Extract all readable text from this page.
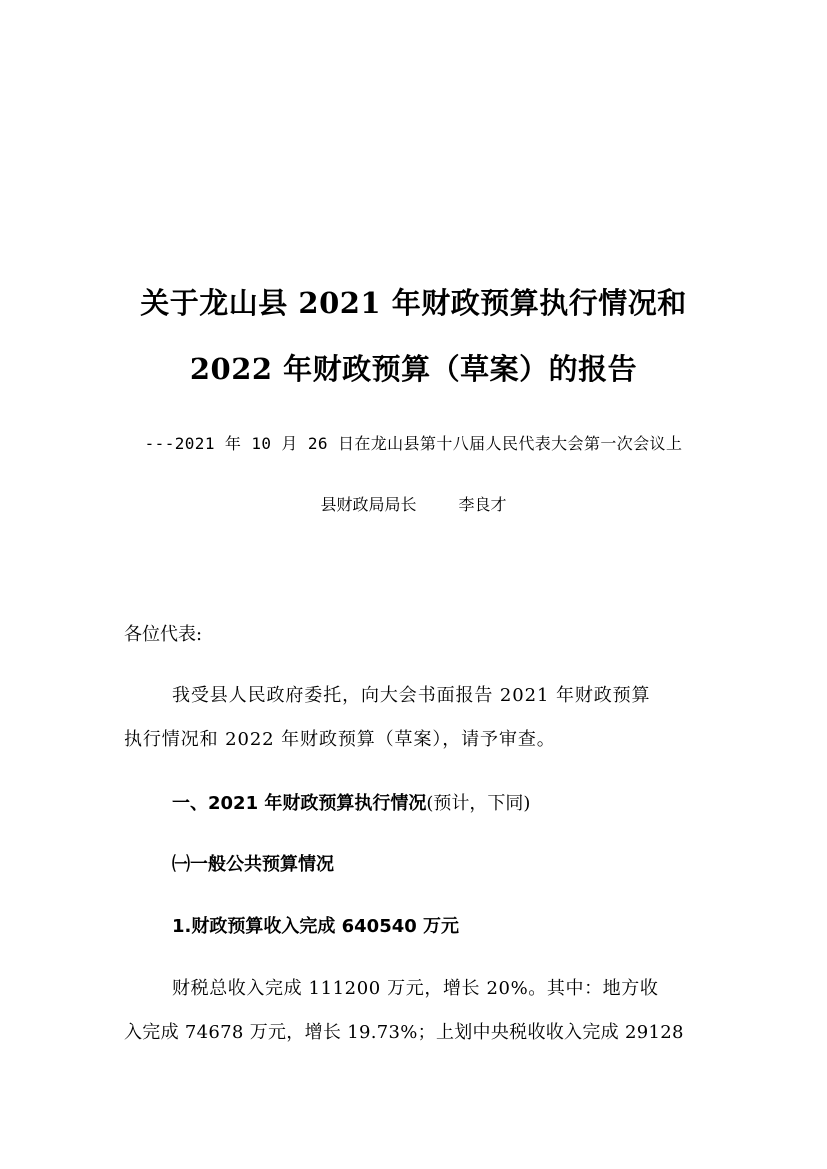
关于龙山县 2021 年财政预算执行情况和
2022 年财政预算（草案）的报告
---2021 年 10 月 26 日在龙山县第十八届人民代表大会第一次会议上
县财政局局长	李良才
各位代表:
我受县人民政府委托，向大会书面报告 2021 年财政预算
执行情况和 2022 年财政预算（草案），请予审查。
一、2021 年财政预算执行情况(预计，下同)
㈠一般公共预算情况
1.财政预算收入完成 640540 万元
财税总收入完成 111200 万元，增长 20%。其中：地方收
入完成 74678 万元，增长 19.73%；上划中央税收收入完成 29128
